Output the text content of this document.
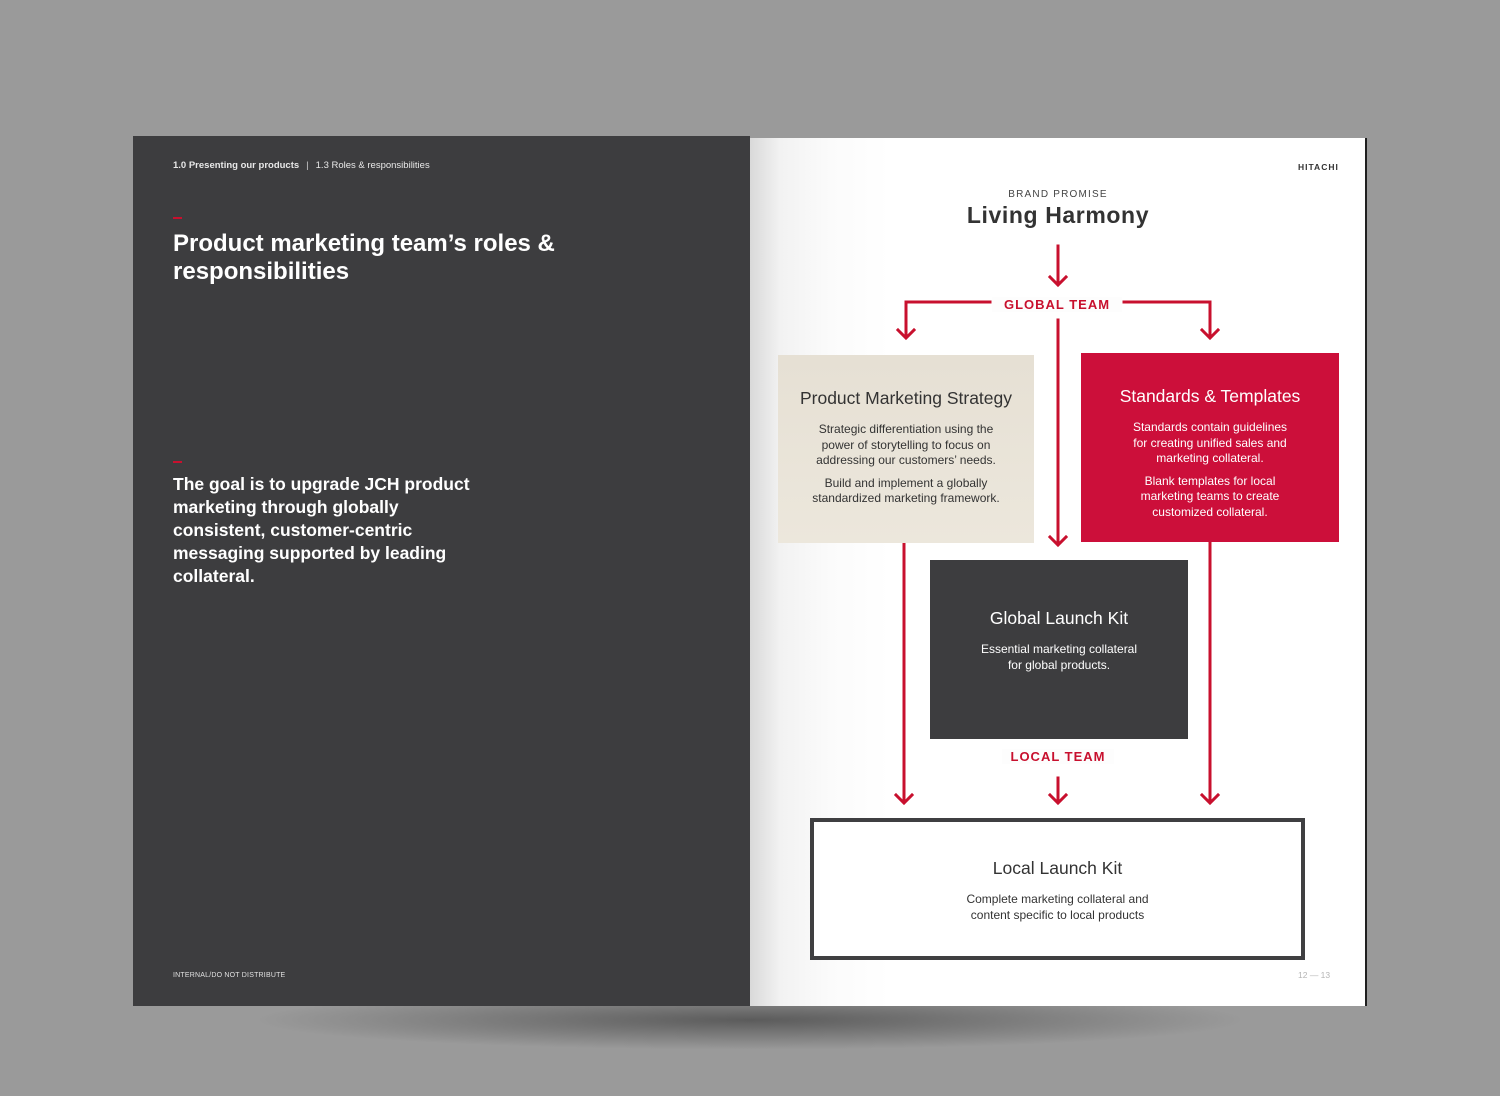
1.0 Presenting our products | 1.3 Roles & responsibilities
Product marketing team’s roles & responsibilities
The goal is to upgrade JCH product marketing through globally consistent, customer-centric messaging supported by leading collateral.
INTERNAL/DO NOT DISTRIBUTE
HITACHI
BRAND PROMISE
Living Harmony
GLOBAL TEAM
LOCAL TEAM
Product Marketing Strategy

Strategic differentiation using the power of storytelling to focus on addressing our customers’ needs.

Build and implement a globally standardized marketing framework.

Standards & Templates

Standards contain guidelines for creating unified sales and marketing collateral.

Blank templates for local marketing teams to create customized collateral.

Global Launch Kit

Essential marketing collateral for global products.

Local Launch Kit

Complete marketing collateral and content specific to local products

12 — 13
